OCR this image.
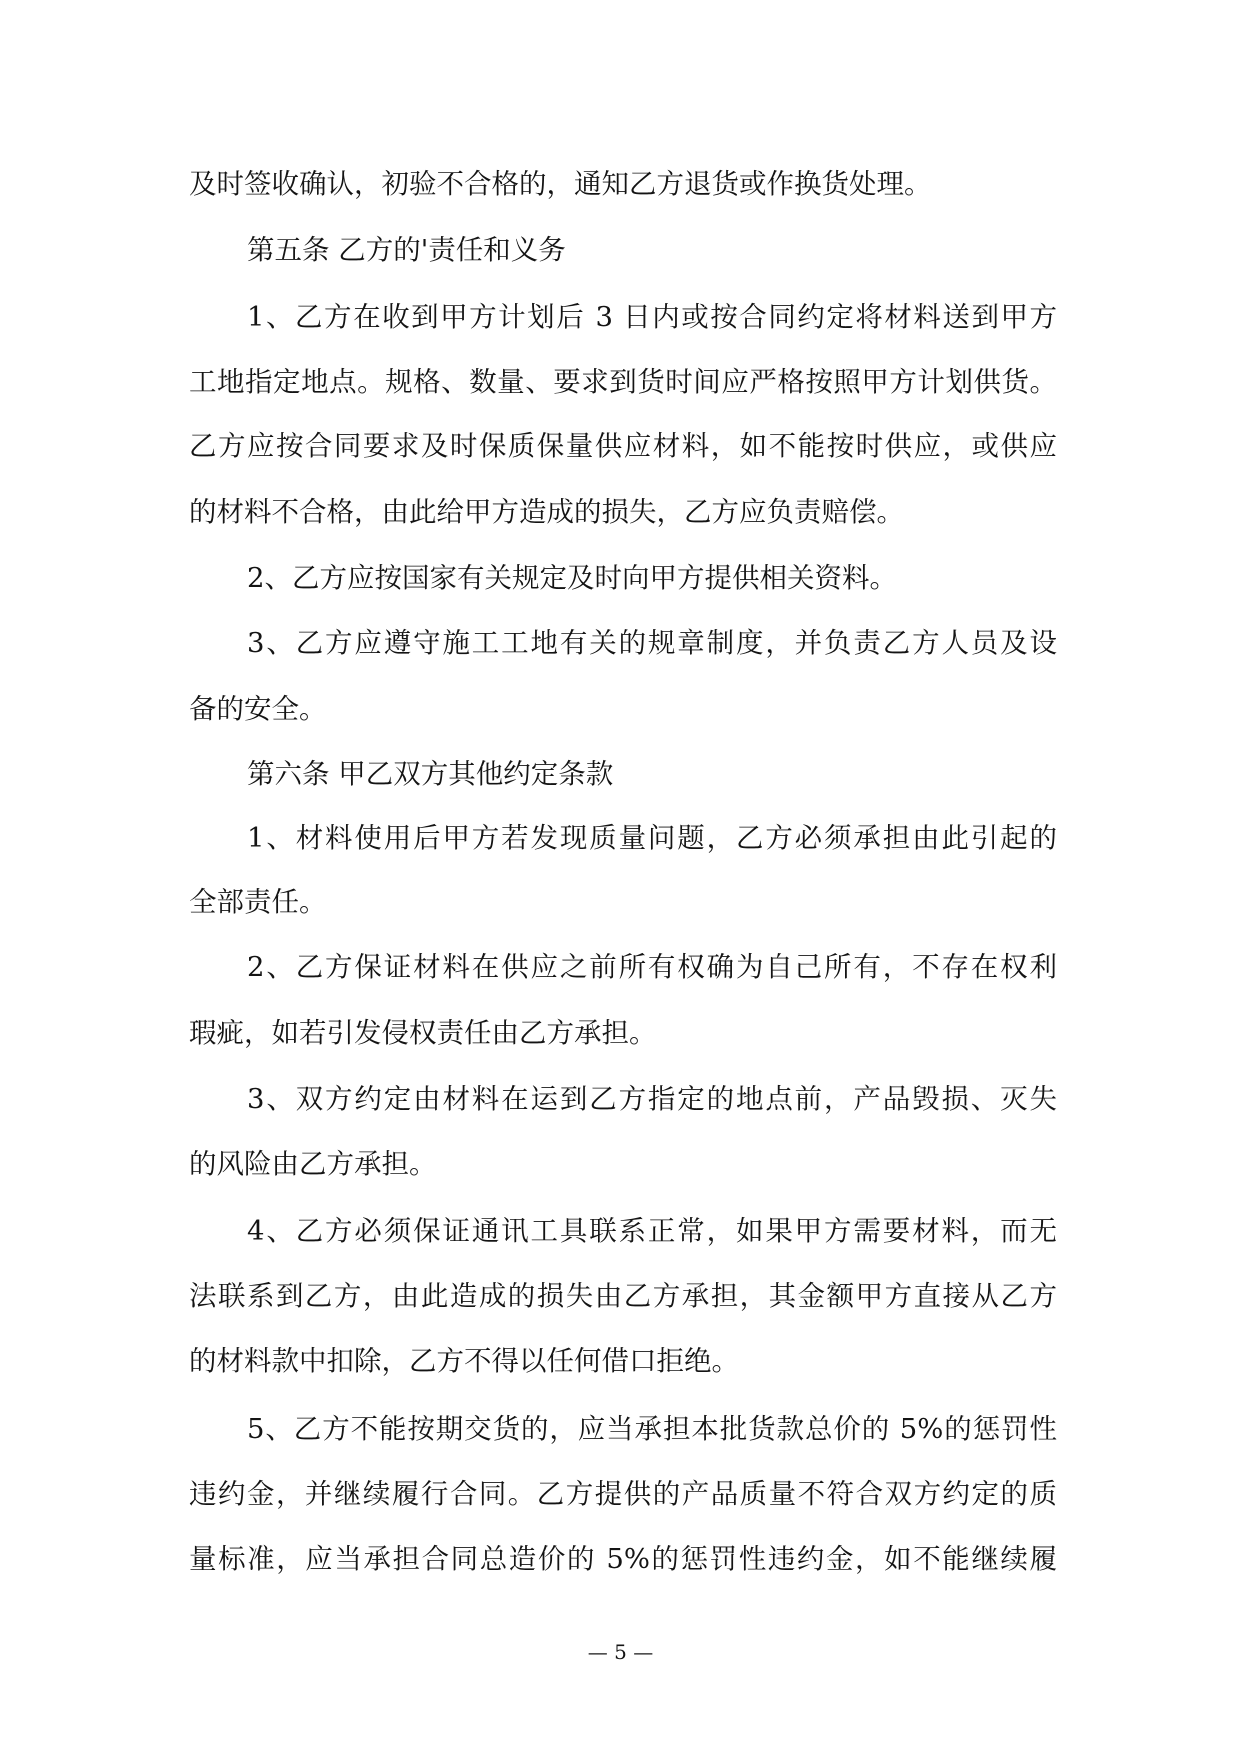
及时签收确认，初验不合格的，通知乙方退货或作换货处理。
第五条 乙方的'责任和义务
1、乙方在收到甲方计划后 3 日内或按合同约定将材料送到甲方
工地指定地点。规格、数量、要求到货时间应严格按照甲方计划供货。
乙方应按合同要求及时保质保量供应材料，如不能按时供应，或供应
的材料不合格，由此给甲方造成的损失，乙方应负责赔偿。
2、乙方应按国家有关规定及时向甲方提供相关资料。
3、乙方应遵守施工工地有关的规章制度，并负责乙方人员及设
备的安全。
第六条 甲乙双方其他约定条款
1、材料使用后甲方若发现质量问题，乙方必须承担由此引起的
全部责任。
2、乙方保证材料在供应之前所有权确为自己所有，不存在权利
瑕疵，如若引发侵权责任由乙方承担。
3、双方约定由材料在运到乙方指定的地点前，产品毁损、灭失
的风险由乙方承担。
4、乙方必须保证通讯工具联系正常，如果甲方需要材料，而无
法联系到乙方，由此造成的损失由乙方承担，其金额甲方直接从乙方
的材料款中扣除，乙方不得以任何借口拒绝。
5、乙方不能按期交货的，应当承担本批货款总价的 5%的惩罚性
违约金，并继续履行合同。乙方提供的产品质量不符合双方约定的质
量标准，应当承担合同总造价的 5%的惩罚性违约金，如不能继续履
— 5 —
